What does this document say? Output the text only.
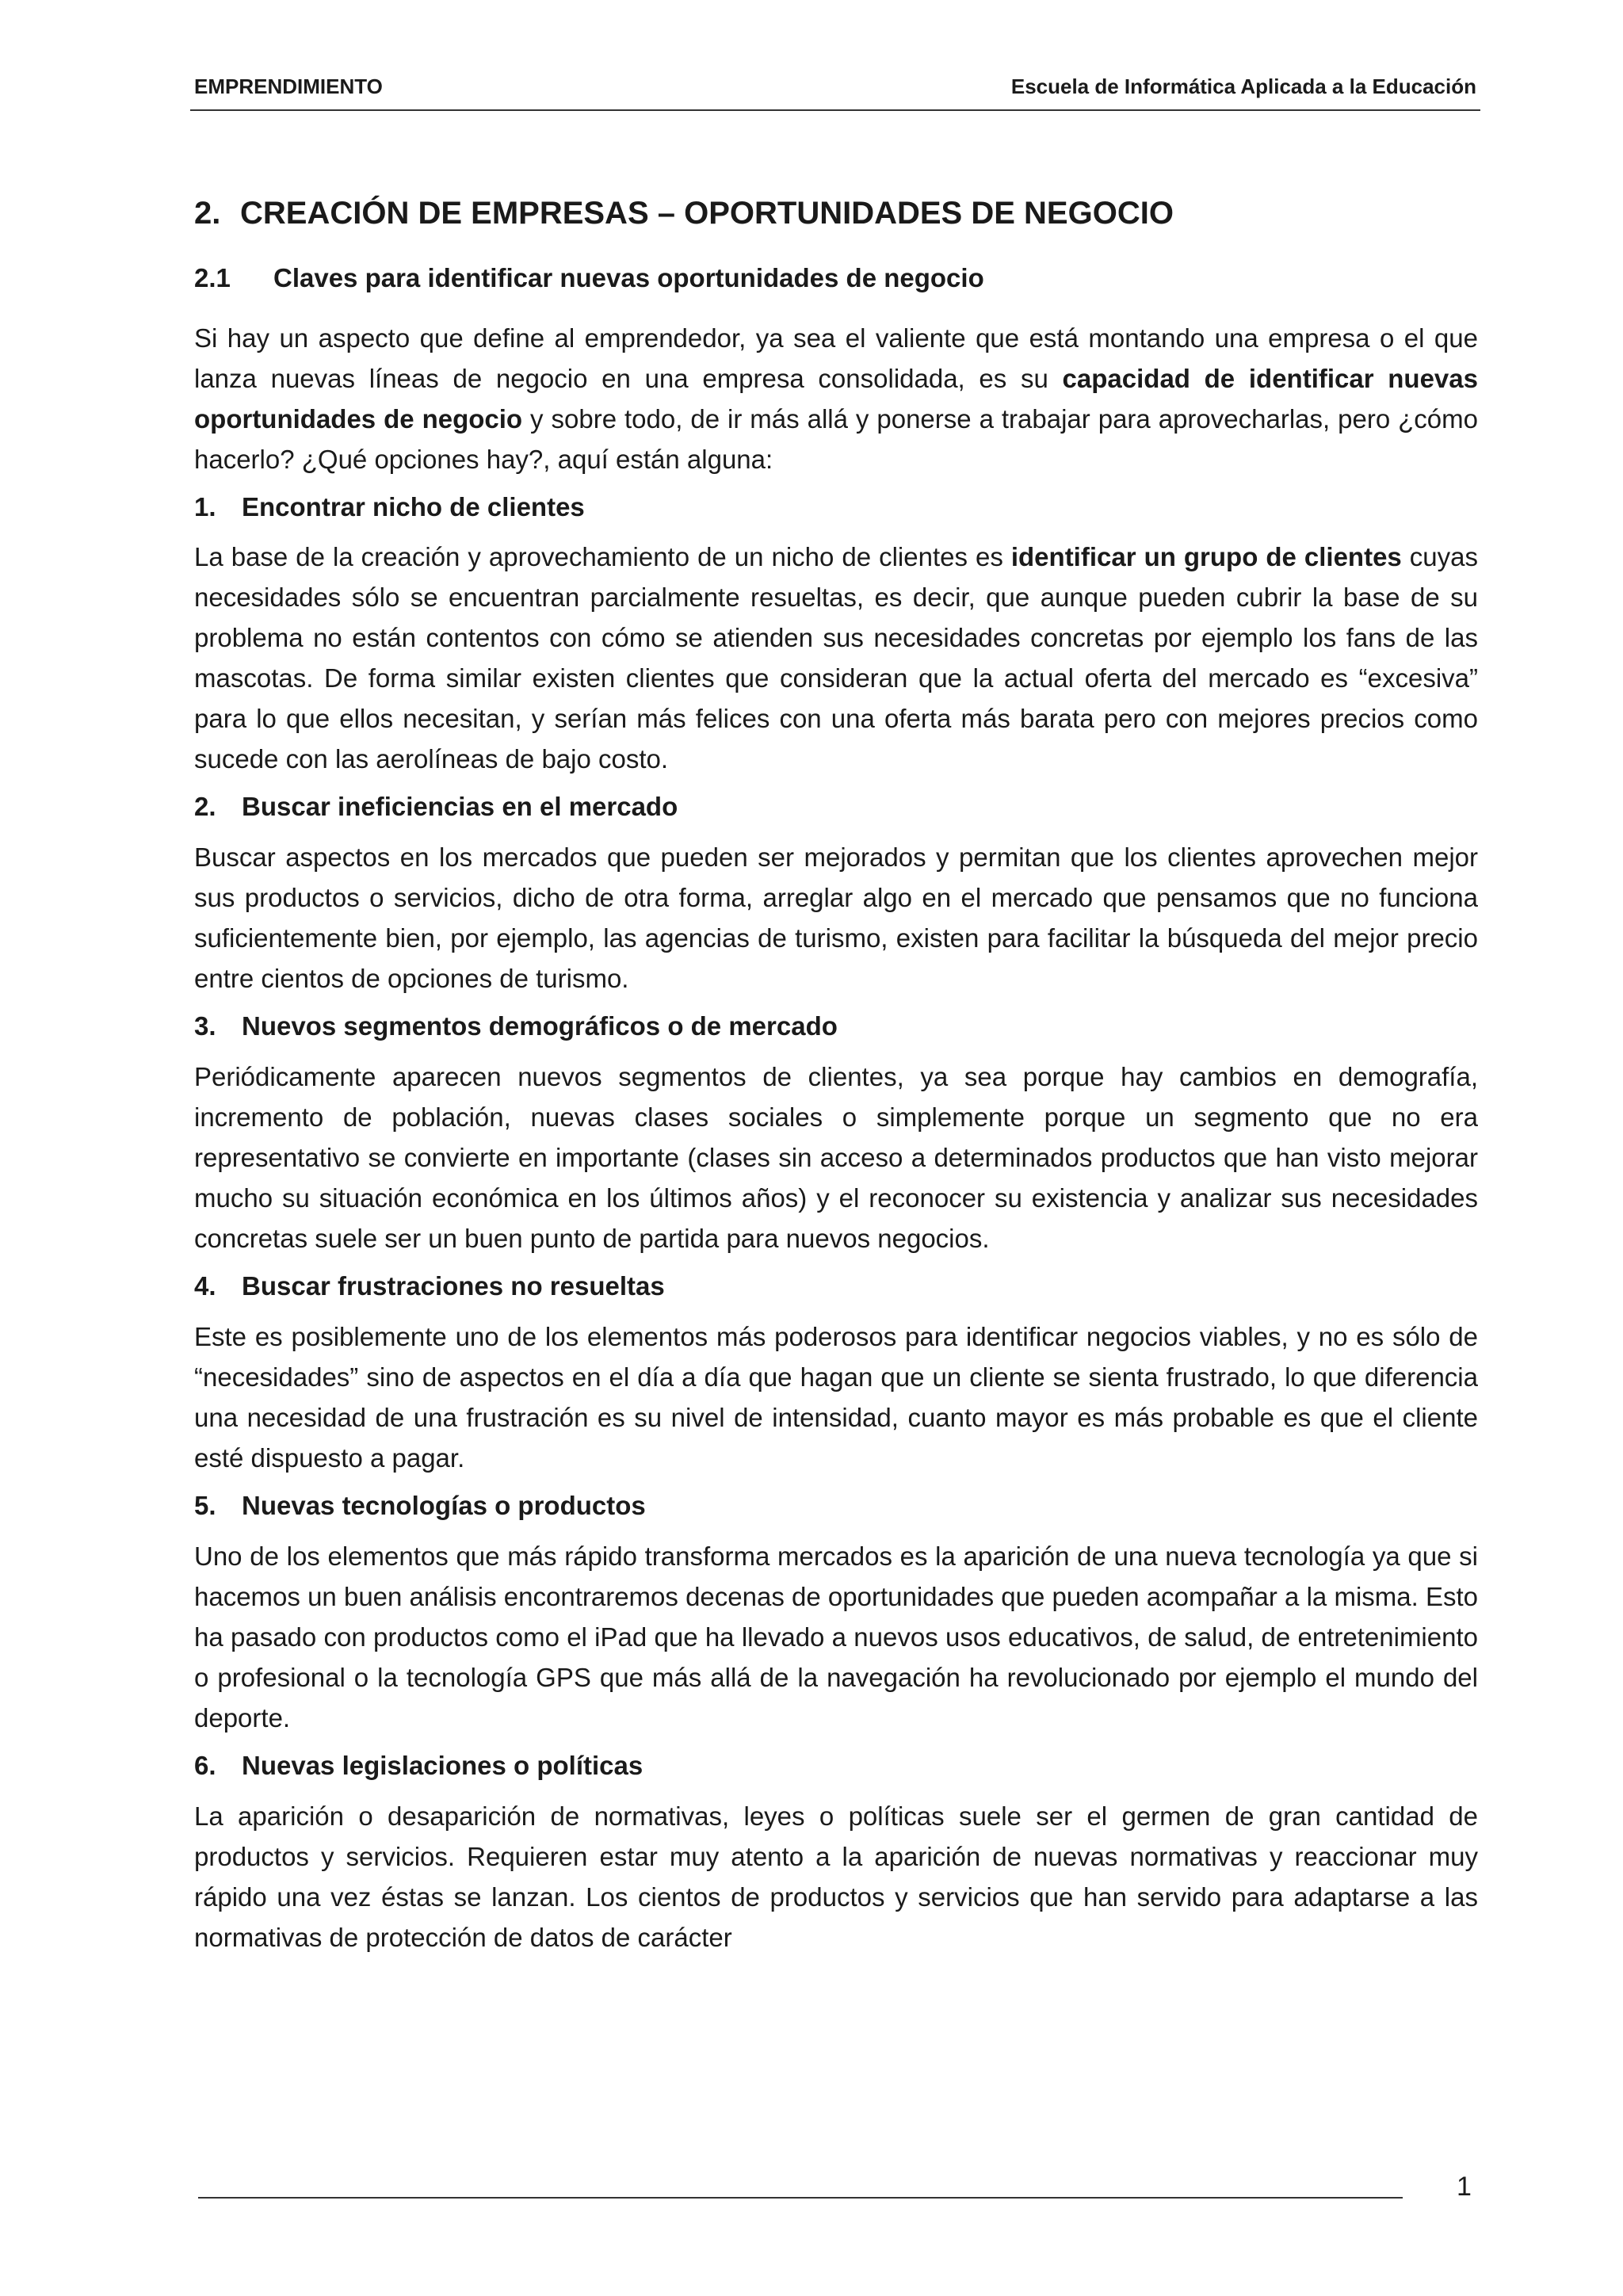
EMPRENDIMIENTO	Escuela de Informática Aplicada a la Educación
2. CREACIÓN DE EMPRESAS – OPORTUNIDADES DE NEGOCIO
2.1 Claves para identificar nuevas oportunidades de negocio

Si hay un aspecto que define al emprendedor, ya sea el valiente que está montando una empresa o el que lanza nuevas líneas de negocio en una empresa consolidada, es su capacidad de identificar nuevas oportunidades de negocio y sobre todo, de ir más allá y ponerse a trabajar para aprovecharlas, pero ¿cómo hacerlo? ¿Qué opciones hay?, aquí están alguna:

1. Encontrar nicho de clientes

La base de la creación y aprovechamiento de un nicho de clientes es identificar un grupo de clientes cuyas necesidades sólo se encuentran parcialmente resueltas, es decir, que aunque pueden cubrir la base de su problema no están contentos con cómo se atienden sus necesidades concretas por ejemplo los fans de las mascotas. De forma similar existen clientes que consideran que la actual oferta del mercado es “excesiva” para lo que ellos necesitan, y serían más felices con una oferta más barata pero con mejores precios como sucede con las aerolíneas de bajo costo.

2. Buscar ineficiencias en el mercado

Buscar aspectos en los mercados que pueden ser mejorados y permitan que los clientes aprovechen mejor sus productos o servicios, dicho de otra forma, arreglar algo en el mercado que pensamos que no funciona suficientemente bien, por ejemplo, las agencias de turismo, existen para facilitar la búsqueda del mejor precio entre cientos de opciones de turismo.

3. Nuevos segmentos demográficos o de mercado

Periódicamente aparecen nuevos segmentos de clientes, ya sea porque hay cambios en demografía, incremento de población, nuevas clases sociales o simplemente porque un segmento que no era representativo se convierte en importante (clases sin acceso a determinados productos que han visto mejorar mucho su situación económica en los últimos años) y el reconocer su existencia y analizar sus necesidades concretas suele ser un buen punto de partida para nuevos negocios.

4. Buscar frustraciones no resueltas

Este es posiblemente uno de los elementos más poderosos para identificar negocios viables, y no es sólo de “necesidades” sino de aspectos en el día a día que hagan que un cliente se sienta frustrado, lo que diferencia una necesidad de una frustración es su nivel de intensidad, cuanto mayor es más probable es que el cliente esté dispuesto a pagar.

5. Nuevas tecnologías o productos

Uno de los elementos que más rápido transforma mercados es la aparición de una nueva tecnología ya que si hacemos un buen análisis encontraremos decenas de oportunidades que pueden acompañar a la misma. Esto ha pasado con productos como el iPad que ha llevado a nuevos usos educativos, de salud, de entretenimiento o profesional o la tecnología GPS que más allá de la navegación ha revolucionado por ejemplo el mundo del deporte.

6. Nuevas legislaciones o políticas

La aparición o desaparición de normativas, leyes o políticas suele ser el germen de gran cantidad de productos y servicios. Requieren estar muy atento a la aparición de nuevas normativas y reaccionar muy rápido una vez éstas se lanzan. Los cientos de productos y servicios que han servido para adaptarse a las normativas de protección de datos de carácter

1
